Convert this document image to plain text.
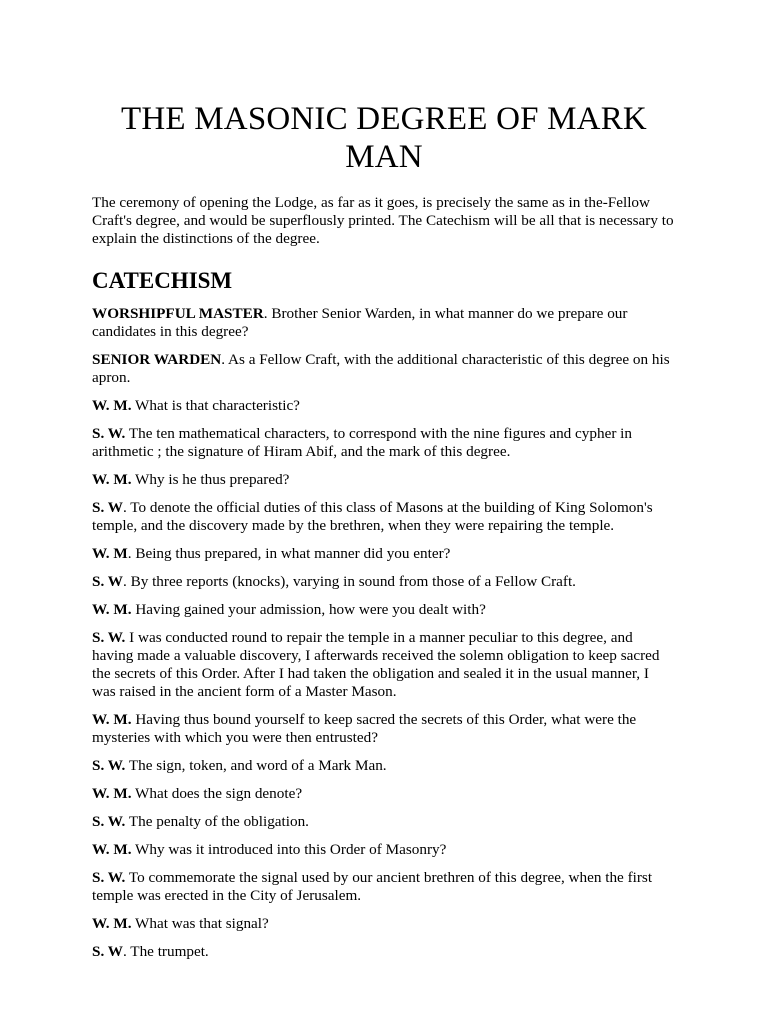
THE MASONIC DEGREE OF MARK
MAN

The ceremony of opening the Lodge, as far as it goes, is precisely the same as in the-Fellow Craft's degree, and would be superflously printed. The Catechism will be all that is necessary to explain the distinctions of the degree.

CATECHISM

WORSHIPFUL MASTER. Brother Senior Warden, in what manner do we prepare our candidates in this degree?

SENIOR WARDEN. As a Fellow Craft, with the additional characteristic of this degree on his apron.

W. M. What is that characteristic?

S. W. The ten mathematical characters, to correspond with the nine figures and cypher in arithmetic ; the signature of Hiram Abif, and the mark of this degree.

W. M. Why is he thus prepared?

S. W. To denote the official duties of this class of Masons at the building of King Solomon's temple, and the discovery made by the brethren, when they were repairing the temple.

W. M. Being thus prepared, in what manner did you enter?

S. W. By three reports (knocks), varying in sound from those of a Fellow Craft.

W. M. Having gained your admission, how were you dealt with?

S. W. I was conducted round to repair the temple in a manner peculiar to this degree, and having made a valuable discovery, I afterwards received the solemn obligation to keep sacred the secrets of this Order. After I had taken the obligation and sealed it in the usual manner, I was raised in the ancient form of a Master Mason.

W. M. Having thus bound yourself to keep sacred the secrets of this Order, what were the mysteries with which you were then entrusted?

S. W. The sign, token, and word of a Mark Man.

W. M. What does the sign denote?

S. W. The penalty of the obligation.

W. M. Why was it introduced into this Order of Masonry?

S. W. To commemorate the signal used by our ancient brethren of this degree, when the first temple was erected in the City of Jerusalem.

W. M. What was that signal?

S. W. The trumpet.
